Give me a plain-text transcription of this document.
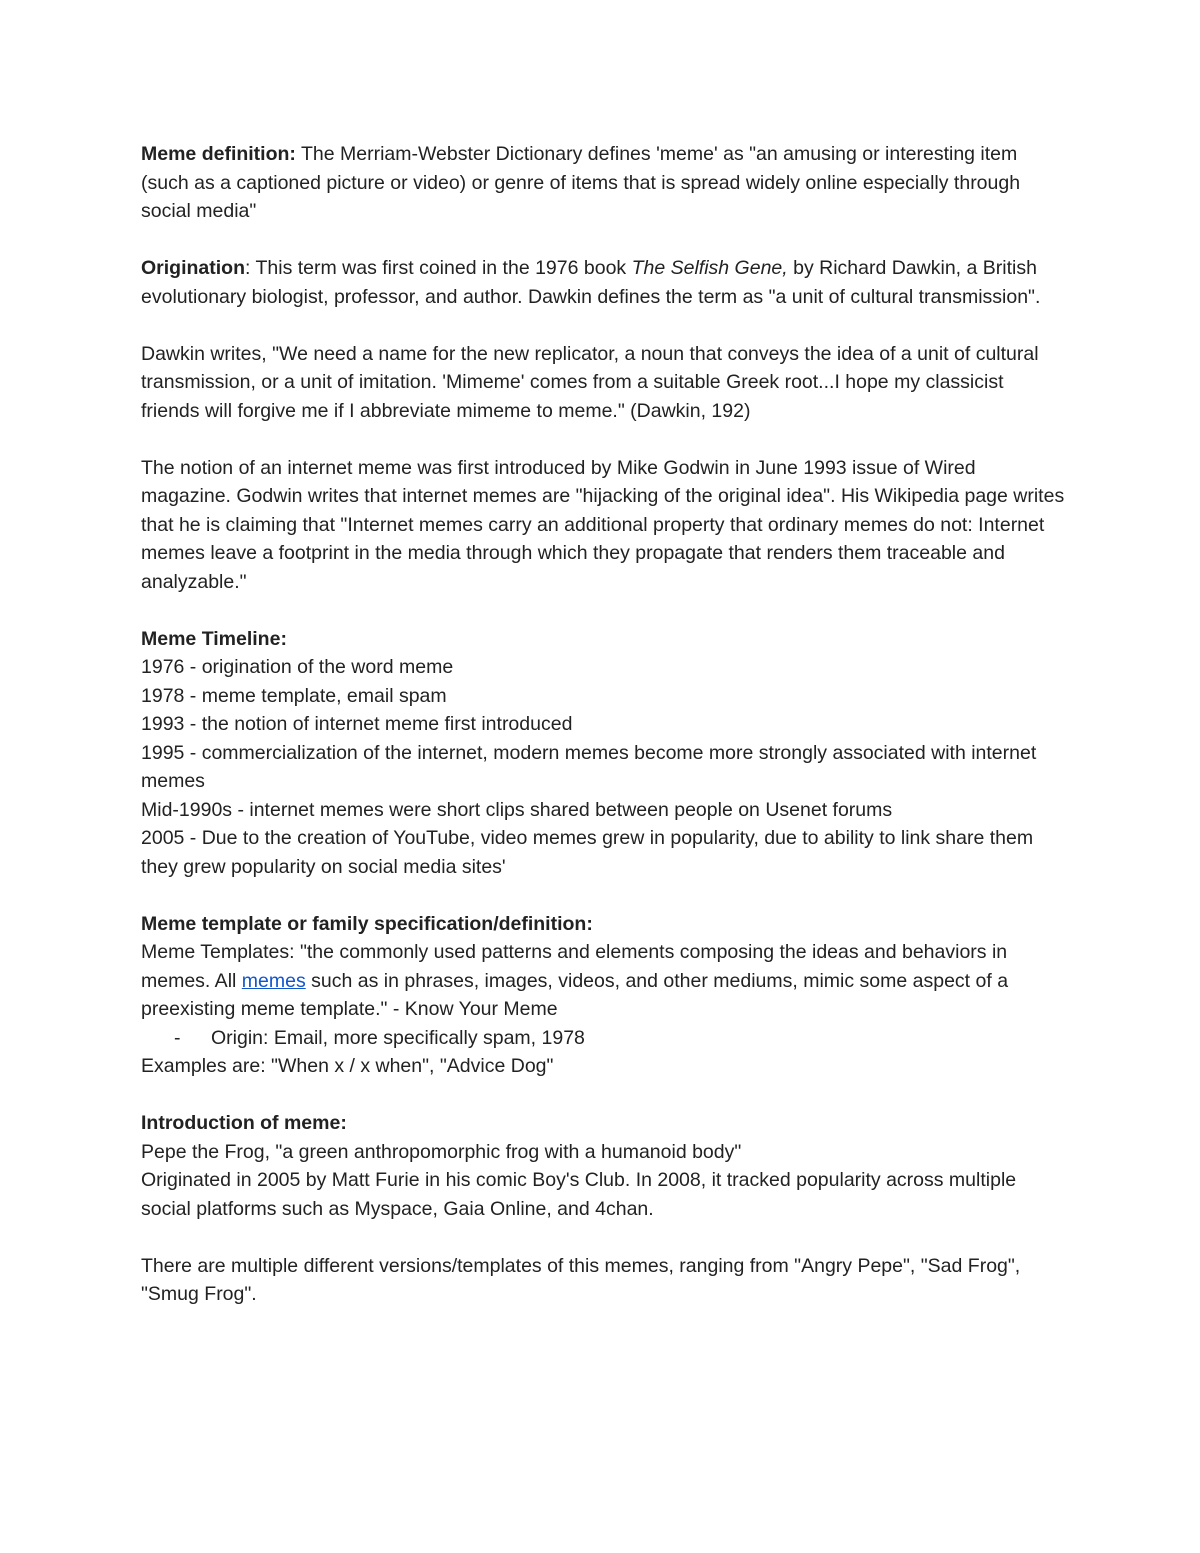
Meme definition: The Merriam-Webster Dictionary defines 'meme' as "an amusing or interesting item (such as a captioned picture or video) or genre of items that is spread widely online especially through social media"

Origination: This term was first coined in the 1976 book The Selfish Gene, by Richard Dawkin, a British evolutionary biologist, professor, and author. Dawkin defines the term as "a unit of cultural transmission".

Dawkin writes, "We need a name for the new replicator, a noun that conveys the idea of a unit of cultural transmission, or a unit of imitation. 'Mimeme' comes from a suitable Greek root...I hope my classicist friends will forgive me if I abbreviate mimeme to meme." (Dawkin, 192)

The notion of an internet meme was first introduced by Mike Godwin in June 1993 issue of Wired magazine. Godwin writes that internet memes are "hijacking of the original idea". His Wikipedia page writes that he is claiming that "Internet memes carry an additional property that ordinary memes do not: Internet memes leave a footprint in the media through which they propagate that renders them traceable and analyzable."

Meme Timeline:

1976 - origination of the word meme

1978 - meme template, email spam

1993 - the notion of internet meme first introduced

1995 - commercialization of the internet, modern memes become more strongly associated with internet memes

Mid-1990s - internet memes were short clips shared between people on Usenet forums

2005 - Due to the creation of YouTube, video memes grew in popularity, due to ability to link share them they grew popularity on social media sites'

Meme template or family specification/definition:

Meme Templates: "the commonly used patterns and elements composing the ideas and behaviors in memes. All memes such as in phrases, images, videos, and other mediums, mimic some aspect of a preexisting meme template." - Know Your Meme

- Origin: Email, more specifically spam, 1978

Examples are: "When x / x when", "Advice Dog"

Introduction of meme:

Pepe the Frog, "a green anthropomorphic frog with a humanoid body"

Originated in 2005 by Matt Furie in his comic Boy's Club. In 2008, it tracked popularity across multiple social platforms such as Myspace, Gaia Online, and 4chan.

There are multiple different versions/templates of this memes, ranging from "Angry Pepe", "Sad Frog", "Smug Frog".
